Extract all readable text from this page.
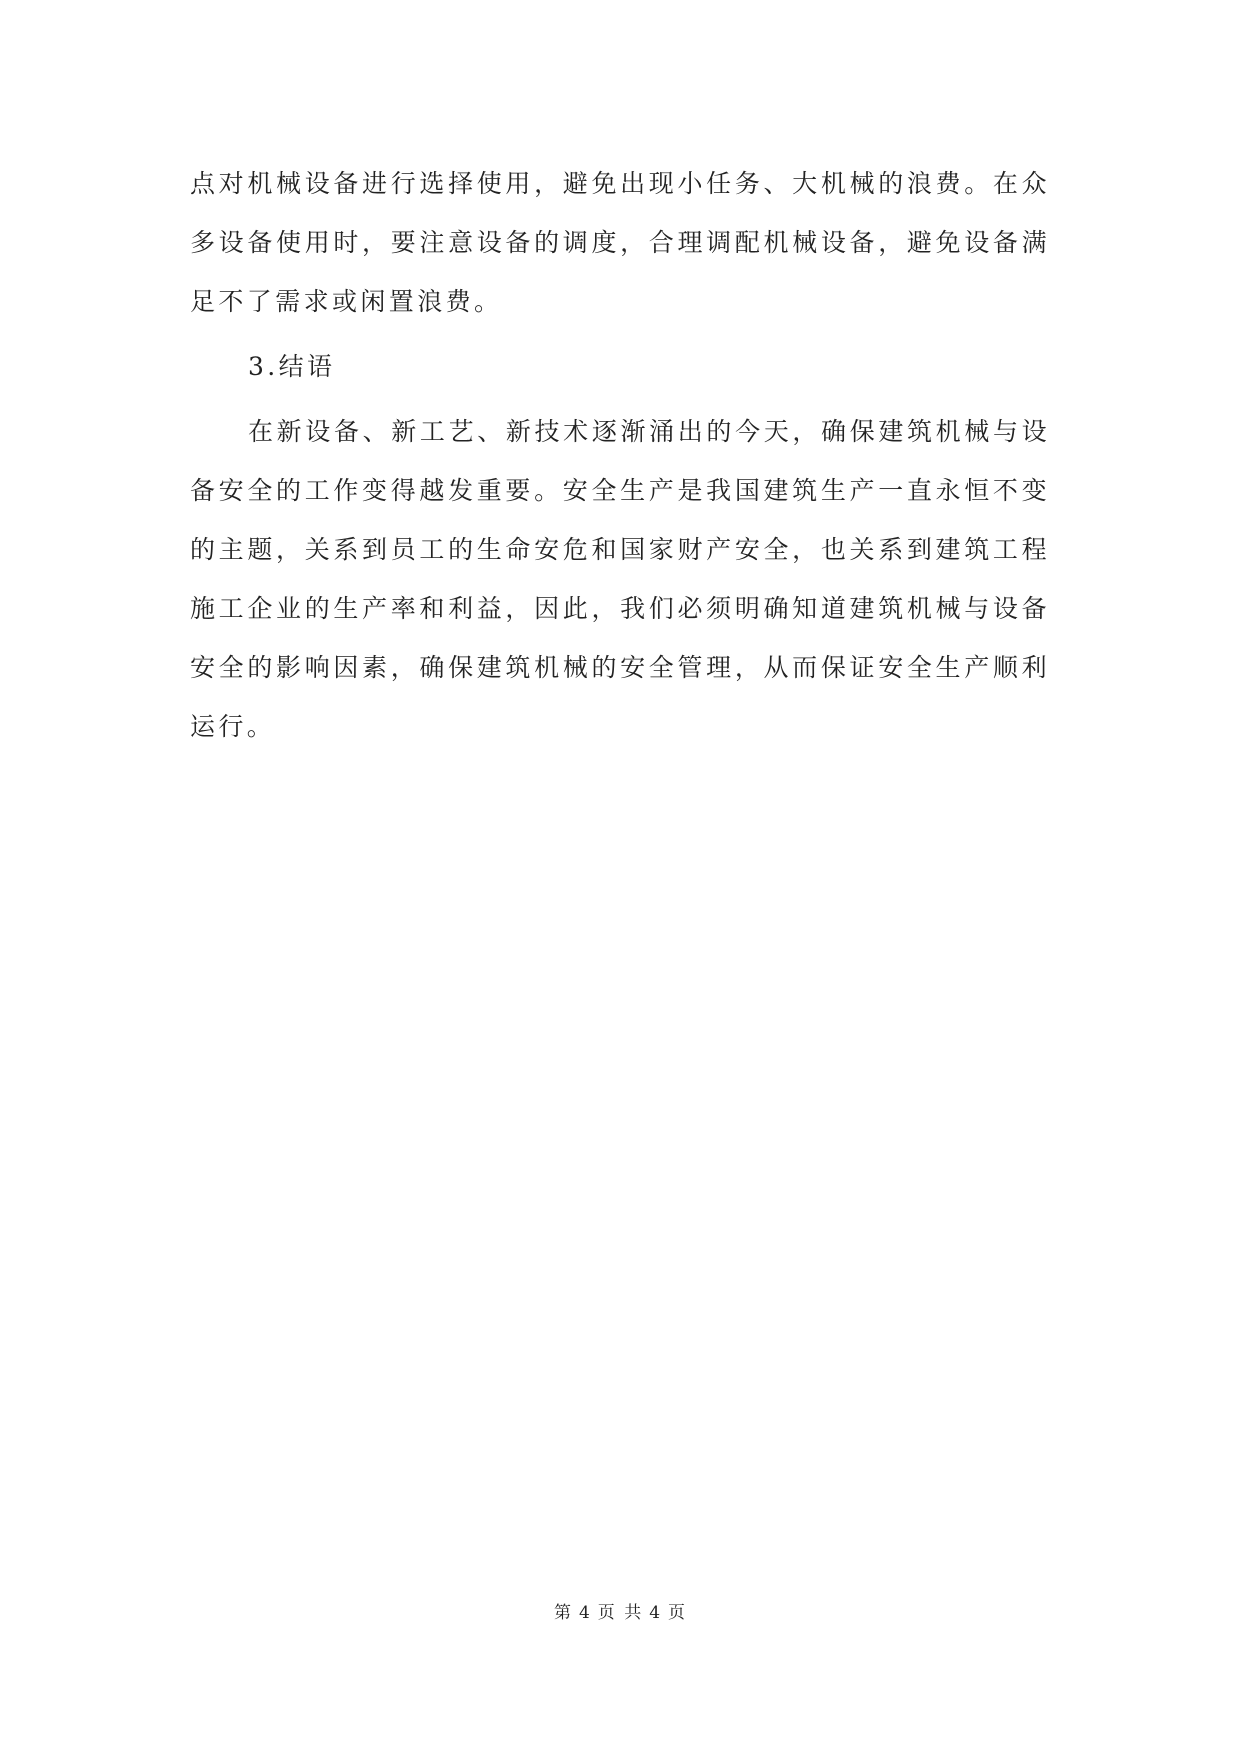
点对机械设备进行选择使用，避免出现小任务、大机械的浪费。在众多设备使用时，要注意设备的调度，合理调配机械设备，避免设备满足不了需求或闲置浪费。

3.结语

在新设备、新工艺、新技术逐渐涌出的今天，确保建筑机械与设备安全的工作变得越发重要。安全生产是我国建筑生产一直永恒不变的主题，关系到员工的生命安危和国家财产安全，也关系到建筑工程施工企业的生产率和利益，因此，我们必须明确知道建筑机械与设备安全的影响因素，确保建筑机械的安全管理，从而保证安全生产顺利运行。

第 4 页 共 4 页
